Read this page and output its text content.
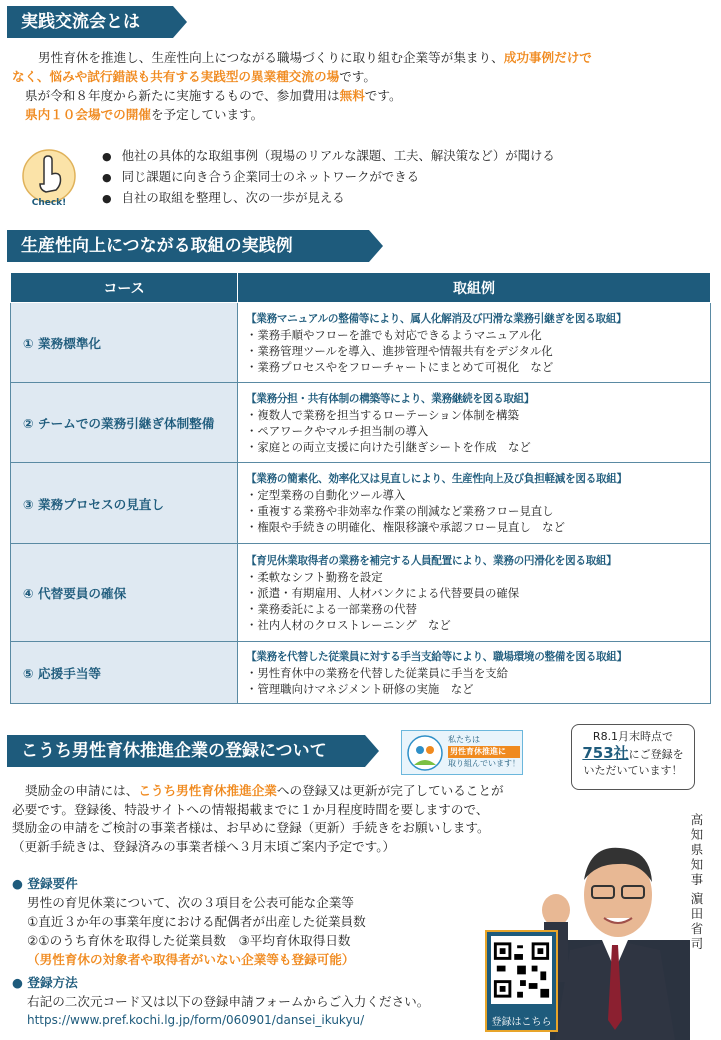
実践交流会とは
男性育休を推進し、生産性向上につながる職場づくりに取り組む企業等が集まり、成功事例だけで
なく、悩みや試行錯誤も共有する実践型の異業種交流の場です。
県が令和８年度から新たに実施するもので、参加費用は無料です。
県内１０会場での開催を予定しています。
Check!
● 他社の具体的な取組事例（現場のリアルな課題、工夫、解決策など）が聞ける
● 同じ課題に向き合う企業同士のネットワークができる
● 自社の取組を整理し、次の一歩が見える
生産性向上につながる取組の実践例
コース	取組例
① 業務標準化	【業務マニュアルの整備等により、属人化解消及び円滑な業務引継ぎを図る取組】
・業務手順やフローを誰でも対応できるようマニュアル化
・業務管理ツールを導入、進捗管理や情報共有をデジタル化
・業務プロセスやをフローチャートにまとめて可視化　など

② チームでの業務引継ぎ体制整備	【業務分担・共有体制の構築等により、業務継続を図る取組】
・複数人で業務を担当するローテーション体制を構築
・ペアワークやマルチ担当制の導入
・家庭との両立支援に向けた引継ぎシートを作成　など

③ 業務プロセスの見直し	【業務の簡素化、効率化又は見直しにより、生産性向上及び負担軽減を図る取組】
・定型業務の自動化ツール導入
・重複する業務や非効率な作業の削減など業務フロー見直し
・権限や手続きの明確化、権限移譲や承認フロー見直し　など

④ 代替要員の確保	【育児休業取得者の業務を補完する人員配置により、業務の円滑化を図る取組】
・柔軟なシフト勤務を設定
・派遣・有期雇用、人材バンクによる代替要員の確保
・業務委託による一部業務の代替
・社内人材のクロストレーニング　など

⑤ 応援手当等	【業務を代替した従業員に対する手当支給等により、職場環境の整備を図る取組】
・男性育休中の業務を代替した従業員に手当を支給
・管理職向けマネジメント研修の実施　など
こうち男性育休推進企業の登録について
私たちは
男性育休推進に
取り組んでいます！
R8.1月末時点で
753社にご登録を
いただいています！
高
知
県
知
事
濵
田
省
司
奨励金の申請には、こうち男性育休推進企業への登録又は更新が完了していることが
必要です。登録後、特設サイトへの情報掲載までに１か月程度時間を要しますので、
奨励金の申請をご検討の事業者様は、お早めに登録（更新）手続きをお願いします。
（更新手続きは、登録済みの事業者様へ３月末頃ご案内予定です。）
● 登録要件
男性の育児休業について、次の３項目を公表可能な企業等
①直近３か年の事業年度における配偶者が出産した従業員数
②①のうち育休を取得した従業員数　③平均育休取得日数
（男性育休の対象者や取得者がいない企業等も登録可能）
● 登録方法
右記の二次元コード又は以下の登録申請フォームからご入力ください。
https://www.pref.kochi.lg.jp/form/060901/dansei_ikukyu/	登録はこちら
